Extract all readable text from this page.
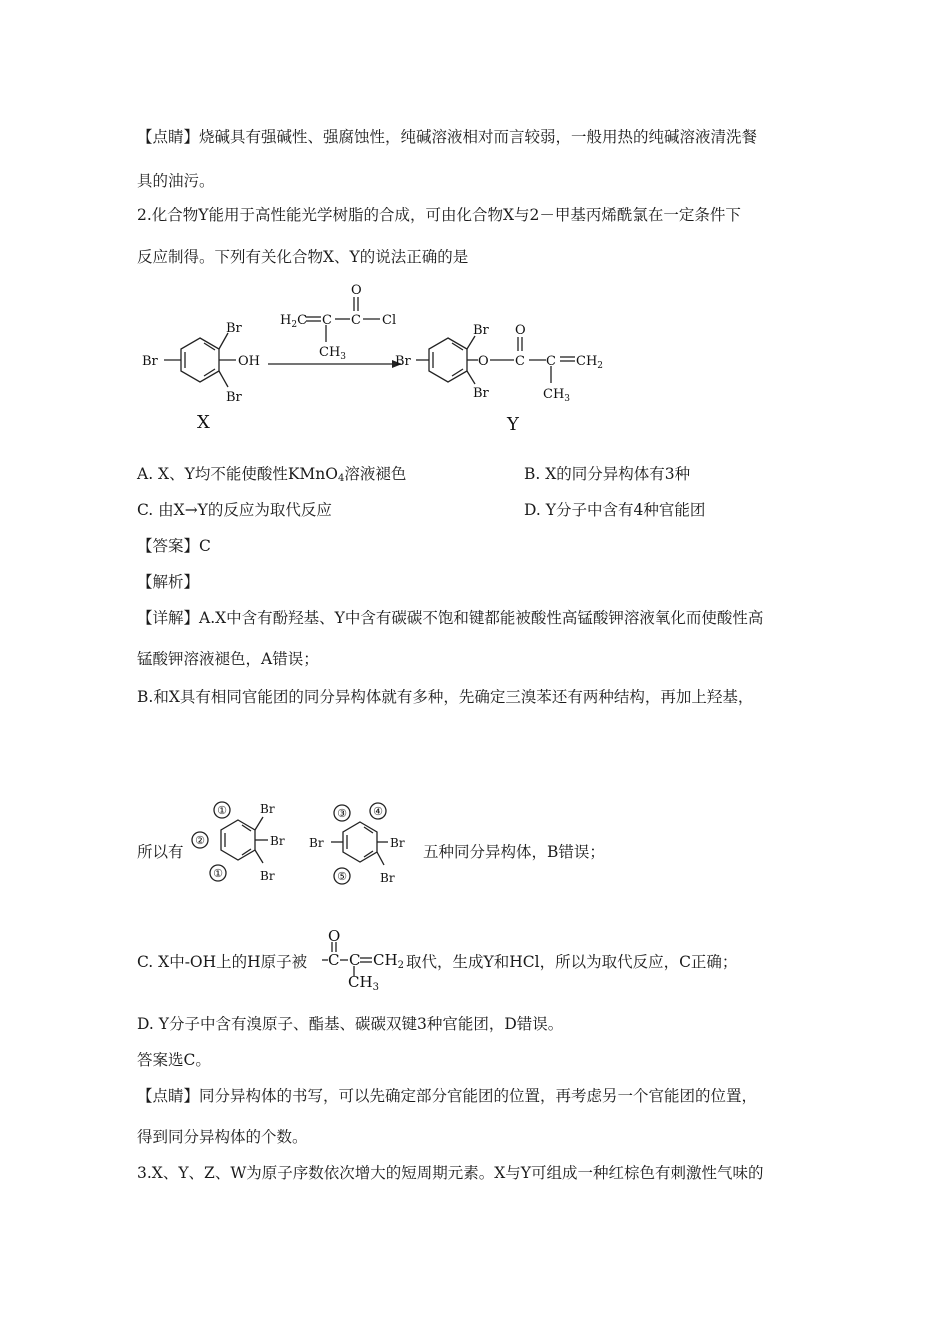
【点睛】烧碱具有强碱性、强腐蚀性，纯碱溶液相对而言较弱，一般用热的纯碱溶液清洗餐
具的油污。
2.化合物Y能用于高性能光学树脂的合成，可由化合物X与2－甲基丙烯酰氯在一定条件下
反应制得。下列有关化合物X、Y的说法正确的是
Br
Br
Br
OH
$H_2C$ C C
O
Cl
$CH_3$	Br
Br
Br
O C
O
C $CH_2$
$CH_3$
X	Y
A. X、Y均不能使酸性KMnO$_4$溶液褪色	B. X的同分异构体有3种
C. 由X→Y的反应为取代反应	D. Y分子中含有4种官能团
【答案】C
【解析】
【详解】A.X中含有酚羟基、Y中含有碳碳不饱和键都能被酸性高锰酸钾溶液氧化而使酸性高
锰酸钾溶液褪色，A错误；
B.和X具有相同官能团的同分异构体就有多种，先确定三溴苯还有两种结构，再加上羟基，
所以有
Br
Br
Br
Br	Br
Br
①
②
①
③ ④
⑤
五种同分异构体，B错误；
C. X中-OH上的H原子被
O
C C $CH_2$
$CH_3$
取代，生成Y和HCl，所以为取代反应，C正确；
D. Y分子中含有溴原子、酯基、碳碳双键3种官能团，D错误。
答案选C。
【点睛】同分异构体的书写，可以先确定部分官能团的位置，再考虑另一个官能团的位置，
得到同分异构体的个数。
3.X、Y、Z、W为原子序数依次增大的短周期元素。X与Y可组成一种红棕色有刺激性气味的
